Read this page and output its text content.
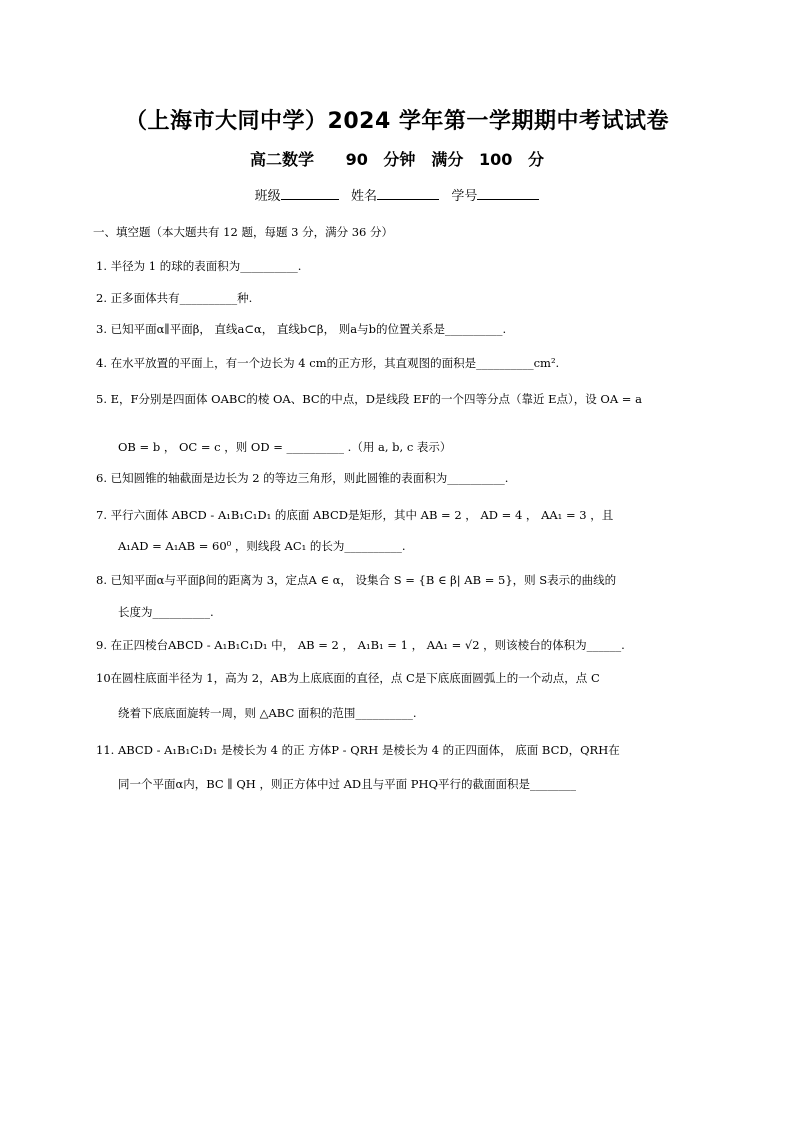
（上海市大同中学）2024 学年第一学期期中考试试卷
高二数学　 90 分钟　满分 100 分
班级	姓名	学号
一、填空题（本大题共有 12 题，每题 3 分，满分 36 分）
1. 半径为 1 的球的表面积为__________.
2. 正多面体共有__________种.
3. 已知平面α∥平面β， 直线a⊂α， 直线b⊂β， 则a与b的位置关系是__________.
4. 在水平放置的平面上，有一个边长为 4 cm的正方形，其直观图的面积是__________cm².
5. E，F分别是四面体 OABC的棱 OA、BC的中点，D是线段 EF的一个四等分点（靠近 E点），设 OA = a
OB = b ， OC = c ，则 OD = __________ .（用 a, b, c 表示）
6. 已知圆锥的轴截面是边长为 2 的等边三角形，则此圆锥的表面积为__________.
7. 平行六面体 ABCD - A₁B₁C₁D₁ 的底面 ABCD是矩形，其中 AB = 2 ， AD = 4 ， AA₁ = 3 ，且
A₁AD = A₁AB = 60⁰ ，则线段 AC₁ 的长为__________.
8. 已知平面α与平面β间的距离为 3，定点A ∈ α， 设集合 S = {B ∈ β| AB = 5}，则 S表示的曲线的
长度为__________.
9. 在正四棱台ABCD - A₁B₁C₁D₁ 中， AB = 2 ， A₁B₁ = 1 ， AA₁ = √2 ，则该棱台的体积为______.
10在圆柱底面半径为 1，高为 2，AB为上底底面的直径，点 C是下底底面圆弧上的一个动点，点 C
绕着下底底面旋转一周，则 △ABC 面积的范围__________.
11. ABCD - A₁B₁C₁D₁ 是棱长为 4 的正 方体P - QRH 是棱长为 4 的正四面体， 底面 BCD，QRH在
同一个平面α内，BC ∥ QH ，则正方体中过 AD且与平面 PHQ平行的截面面积是________
